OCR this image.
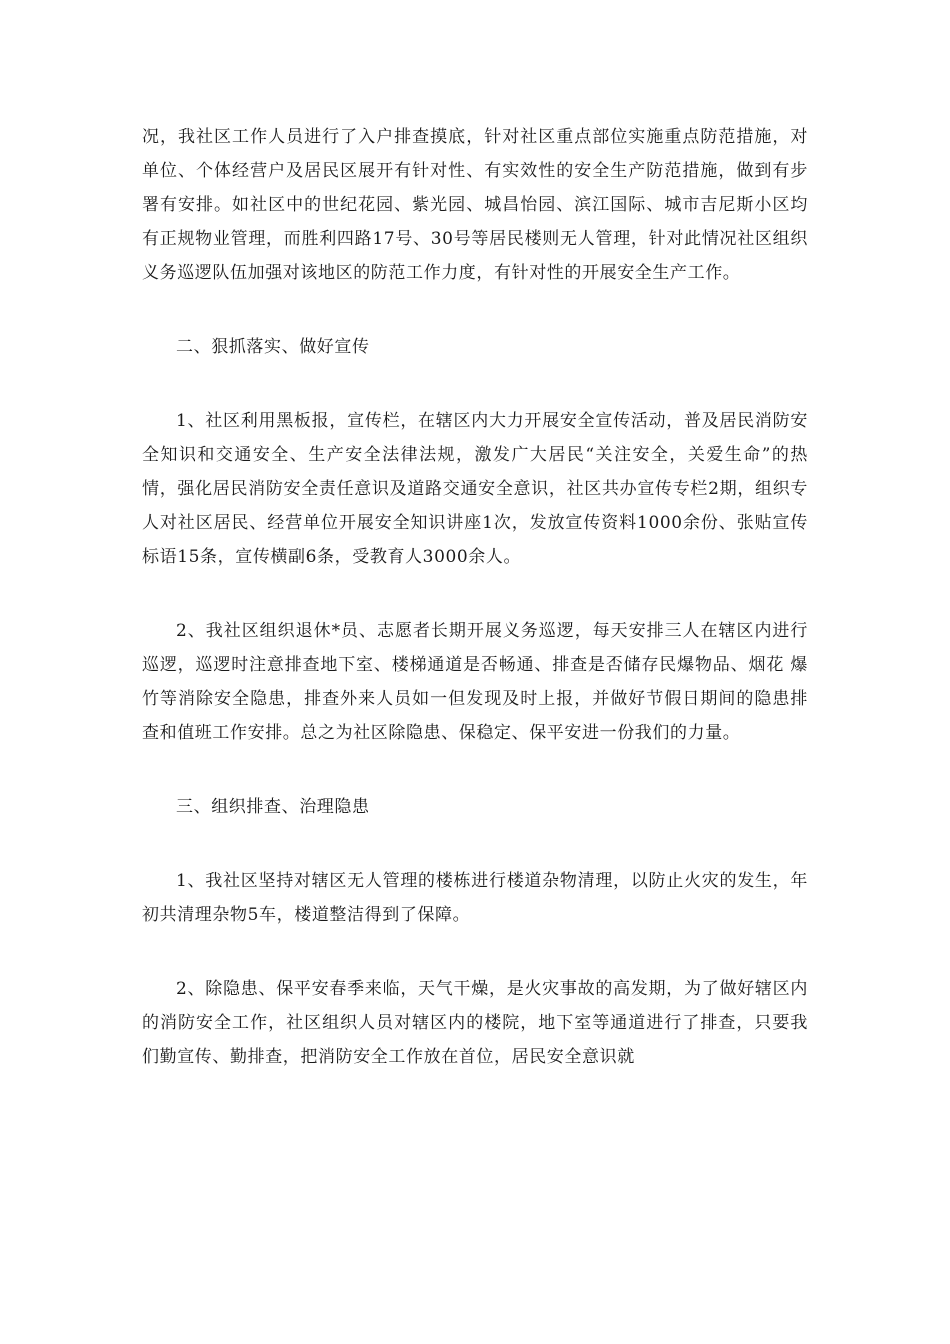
况，我社区工作人员进行了入户排查摸底，针对社区重点部位实施重点防范措施，对单位、个体经营户及居民区展开有针对性、有实效性的安全生产防范措施，做到有步署有安排。如社区中的世纪花园、紫光园、城昌怡园、滨江国际、城市吉尼斯小区均有正规物业管理，而胜利四路17号、30号等居民楼则无人管理，针对此情况社区组织义务巡逻队伍加强对该地区的防范工作力度，有针对性的开展安全生产工作。

二、狠抓落实、做好宣传

1、社区利用黑板报，宣传栏，在辖区内大力开展安全宣传活动，普及居民消防安全知识和交通安全、生产安全法律法规，激发广大居民“关注安全，关爱生命”的热情，强化居民消防安全责任意识及道路交通安全意识，社区共办宣传专栏2期，组织专人对社区居民、经营单位开展安全知识讲座1次，发放宣传资料1000余份、张贴宣传标语15条，宣传横副6条，受教育人3000余人。

2、我社区组织退休*员、志愿者长期开展义务巡逻，每天安排三人在辖区内进行巡逻，巡逻时注意排查地下室、楼梯通道是否畅通、排查是否储存民爆物品、烟花 爆竹等消除安全隐患，排查外来人员如一但发现及时上报，并做好节假日期间的隐患排查和值班工作安排。总之为社区除隐患、保稳定、保平安进一份我们的力量。

三、组织排查、治理隐患

1、我社区坚持对辖区无人管理的楼栋进行楼道杂物清理，以防止火灾的发生，年初共清理杂物5车，楼道整洁得到了保障。

2、除隐患、保平安春季来临，天气干燥，是火灾事故的高发期，为了做好辖区内的消防安全工作，社区组织人员对辖区内的楼院，地下室等通道进行了排查，只要我们勤宣传、勤排查，把消防安全工作放在首位，居民安全意识就
